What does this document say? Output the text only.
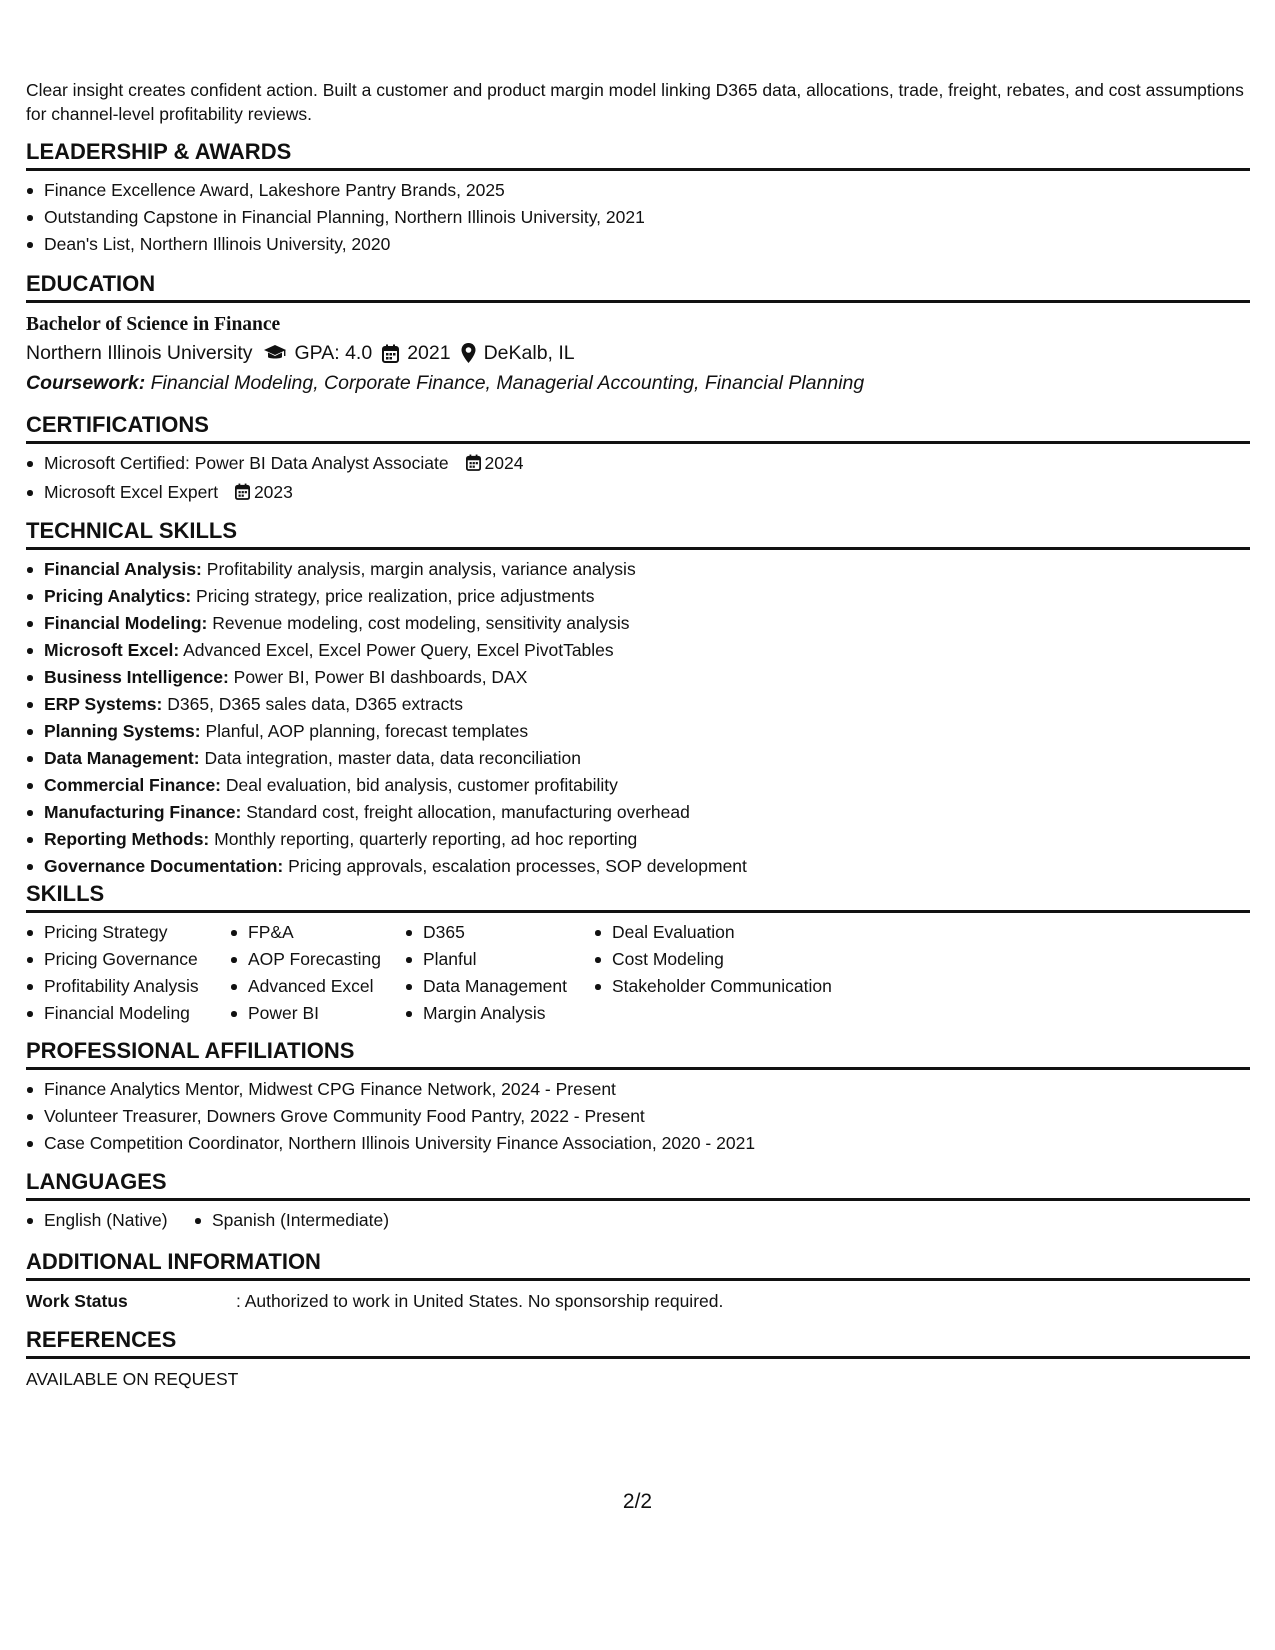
Clear insight creates confident action. Built a customer and product margin model linking D365 data, allocations, trade, freight, rebates, and cost assumptions for channel-level profitability reviews.
LEADERSHIP & AWARDS
Finance Excellence Award, Lakeshore Pantry Brands, 2025
Outstanding Capstone in Financial Planning, Northern Illinois University, 2021
Dean's List, Northern Illinois University, 2020
EDUCATION
Bachelor of Science in Finance
Northern Illinois University GPA: 4.0 2021 DeKalb, IL
Coursework: Financial Modeling, Corporate Finance, Managerial Accounting, Financial Planning
CERTIFICATIONS
Microsoft Certified: Power BI Data Analyst Associate 2024
Microsoft Excel Expert 2023
TECHNICAL SKILLS
Financial Analysis: Profitability analysis, margin analysis, variance analysis
Pricing Analytics: Pricing strategy, price realization, price adjustments
Financial Modeling: Revenue modeling, cost modeling, sensitivity analysis
Microsoft Excel: Advanced Excel, Excel Power Query, Excel PivotTables
Business Intelligence: Power BI, Power BI dashboards, DAX
ERP Systems: D365, D365 sales data, D365 extracts
Planning Systems: Planful, AOP planning, forecast templates
Data Management: Data integration, master data, data reconciliation
Commercial Finance: Deal evaluation, bid analysis, customer profitability
Manufacturing Finance: Standard cost, freight allocation, manufacturing overhead
Reporting Methods: Monthly reporting, quarterly reporting, ad hoc reporting
Governance Documentation: Pricing approvals, escalation processes, SOP development
SKILLS
Pricing Strategy
Pricing Governance
Profitability Analysis
Financial Modeling
FP&A
AOP Forecasting
Advanced Excel
Power BI
D365
Planful
Data Management
Margin Analysis
Deal Evaluation
Cost Modeling
Stakeholder Communication
PROFESSIONAL AFFILIATIONS
Finance Analytics Mentor, Midwest CPG Finance Network, 2024 - Present
Volunteer Treasurer, Downers Grove Community Food Pantry, 2022 - Present
Case Competition Coordinator, Northern Illinois University Finance Association, 2020 - 2021
LANGUAGES
English (Native)	Spanish (Intermediate)
ADDITIONAL INFORMATION
Work Status	: Authorized to work in United States. No sponsorship required.
REFERENCES
AVAILABLE ON REQUEST
2/2
